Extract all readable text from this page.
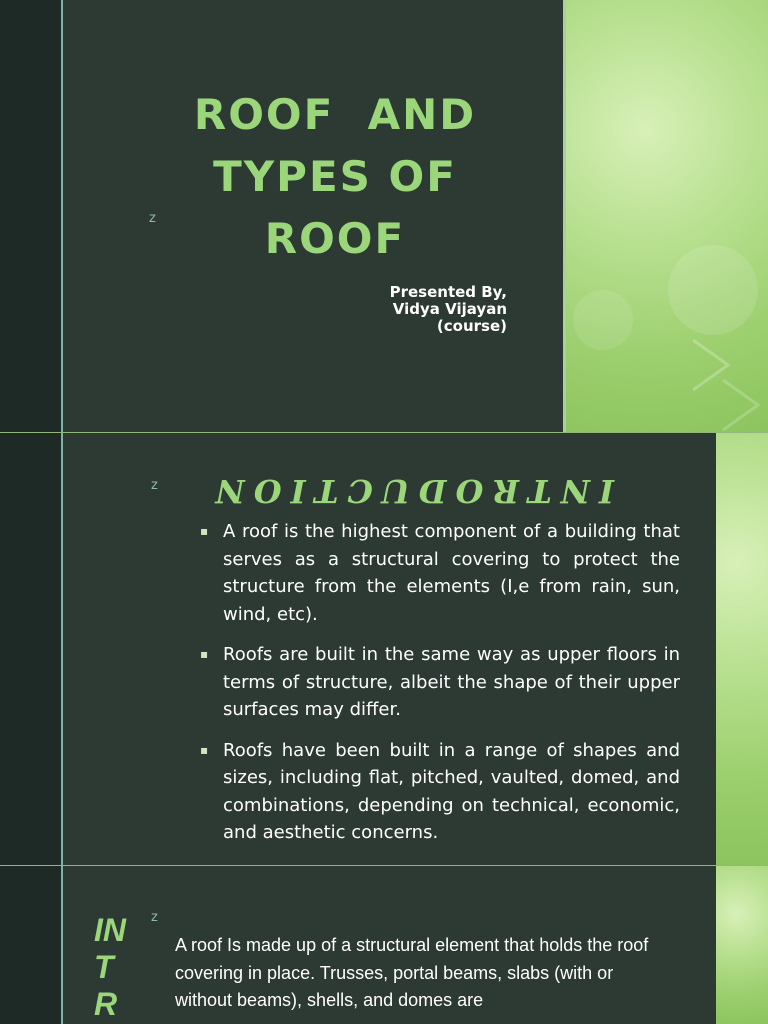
z
ROOF  AND
TYPES OF
ROOF
Presented By,
Vidya Vijayan
(course)
z INTRODUCTION
▪ A roof is the highest component of a building that serves as a structural covering to protect the structure from the elements (I,e from rain, sun, wind, etc).
▪ Roofs are built in the same way as upper floors in terms of structure, albeit the shape of their upper surfaces may differ.
▪ Roofs have been built in a range of shapes and sizes, including flat, pitched, vaulted, domed, and combinations, depending on technical, economic, and aesthetic concerns.
z
IN
T
R
A roof Is made up of a structural element that holds the roof covering in place. Trusses, portal beams, slabs (with or without beams), shells, and domes are
